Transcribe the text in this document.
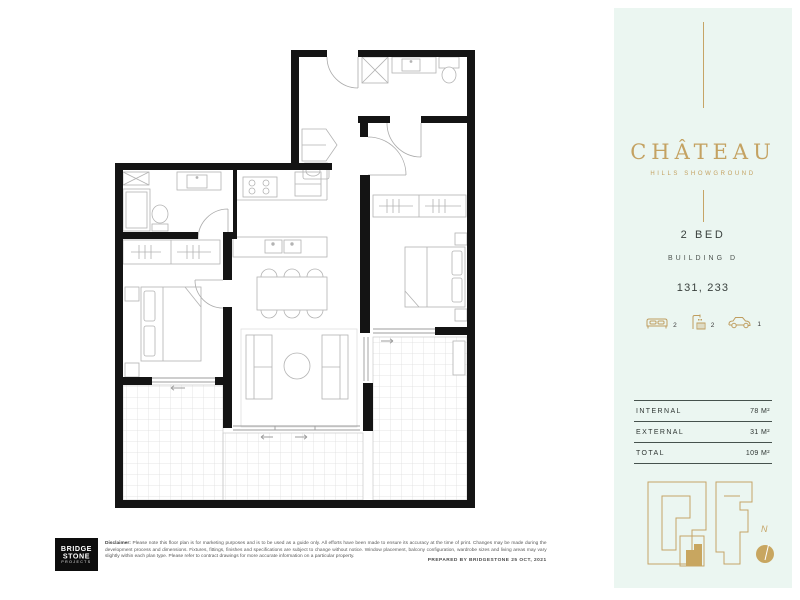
CHÂTEAU
HILLS SHOWGROUND
2 BED
BUILDING D
131, 233
2	2	1
INTERNAL	78 M²
EXTERNAL	31 M²
TOTAL	109 M²
N
BRIDGE
STONE
PROJECTS
Disclaimer: Please note this floor plan is for marketing purposes and is to be used as a guide only. All efforts have been made to ensure its accuracy at the time of print. Changes may be made during the development process and dimensions. Fixtures, fittings, finishes and specifications are subject to change without notice. Window placement, balcony configuration, wardrobe sizes and living areas may vary slightly within each plan type. Please refer to contract drawings for more accurate information on a particular property.
PREPARED BY BRIDGESTONE 25 OCT, 2021
